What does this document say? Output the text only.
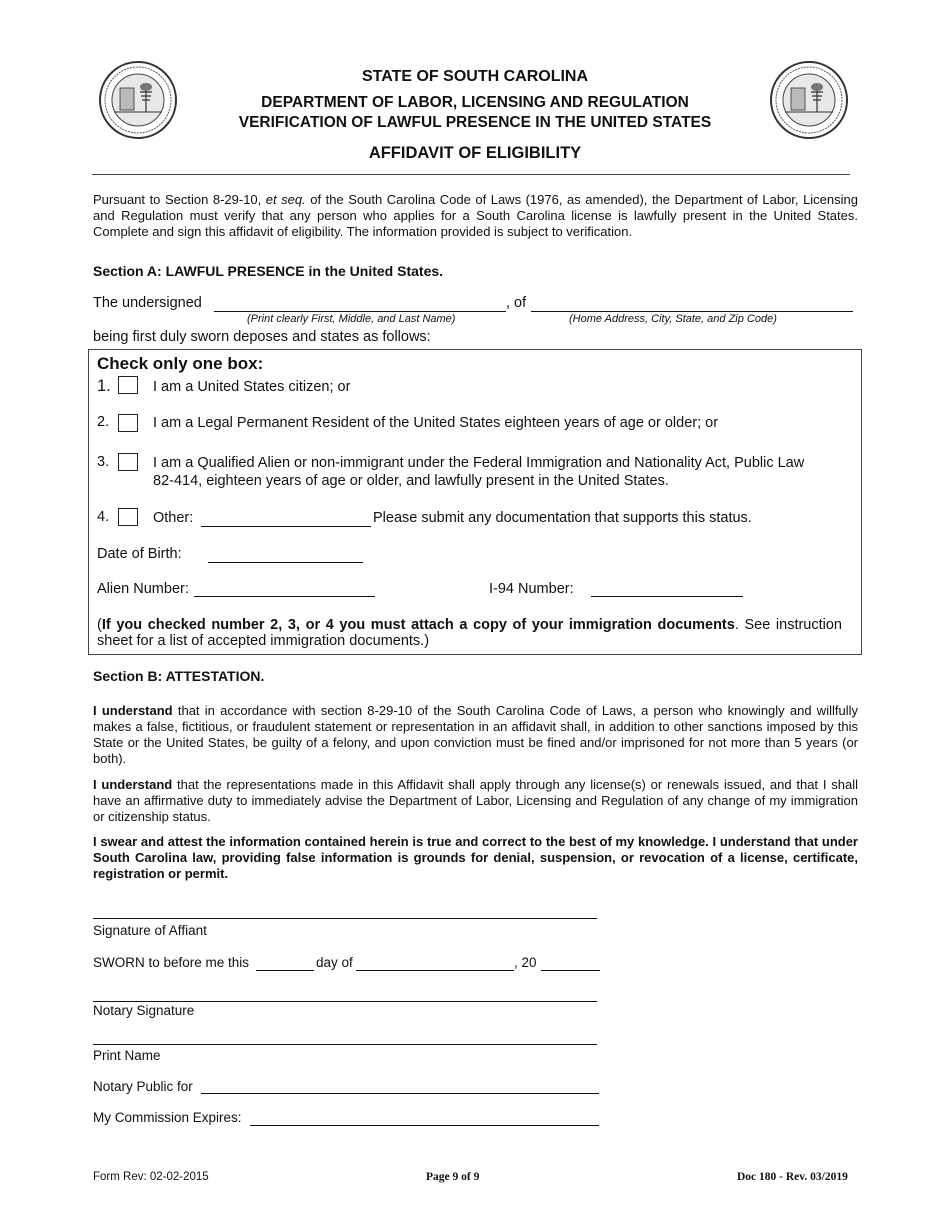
STATE OF SOUTH CAROLINA
DEPARTMENT OF LABOR, LICENSING AND REGULATION
VERIFICATION OF LAWFUL PRESENCE IN THE UNITED STATES
AFFIDAVIT OF ELIGIBILITY
Pursuant to Section 8-29-10, et seq. of the South Carolina Code of Laws (1976, as amended), the Department of Labor, Licensing and Regulation must verify that any person who applies for a South Carolina license is lawfully present in the United States. Complete and sign this affidavit of eligibility. The information provided is subject to verification.
Section A: LAWFUL PRESENCE in the United States.
The undersigned	, of
(Print clearly First, Middle, and Last Name)	(Home Address, City, State, and Zip Code)
being first duly sworn deposes and states as follows:
Check only one box:
1.	I am a United States citizen; or
2.	I am a Legal Permanent Resident of the United States eighteen years of age or older; or
3.	I am a Qualified Alien or non-immigrant under the Federal Immigration and Nationality Act, Public Law
82-414, eighteen years of age or older, and lawfully present in the United States.
4.	Other:	Please submit any documentation that supports this status.
Date of Birth:
Alien Number:	I-94 Number:
(If you checked number 2, 3, or 4 you must attach a copy of your immigration documents. See instruction sheet for a list of accepted immigration documents.)
Section B: ATTESTATION.
I understand that in accordance with section 8-29-10 of the South Carolina Code of Laws, a person who knowingly and willfully makes a false, fictitious, or fraudulent statement or representation in an affidavit shall, in addition to other sanctions imposed by this State or the United States, be guilty of a felony, and upon conviction must be fined and/or imprisoned for not more than 5 years (or both).
I understand that the representations made in this Affidavit shall apply through any license(s) or renewals issued, and that I shall have an affirmative duty to immediately advise the Department of Labor, Licensing and Regulation of any change of my immigration or citizenship status.
I swear and attest the information contained herein is true and correct to the best of my knowledge. I understand that under South Carolina law, providing false information is grounds for denial, suspension, or revocation of a license, certificate, registration or permit.
Signature of Affiant
SWORN to before me this	day of	, 20
Notary Signature
Print Name
Notary Public for
My Commission Expires:
Form Rev: 02-02-2015	Page 9 of 9	Doc 180 - Rev. 03/2019
